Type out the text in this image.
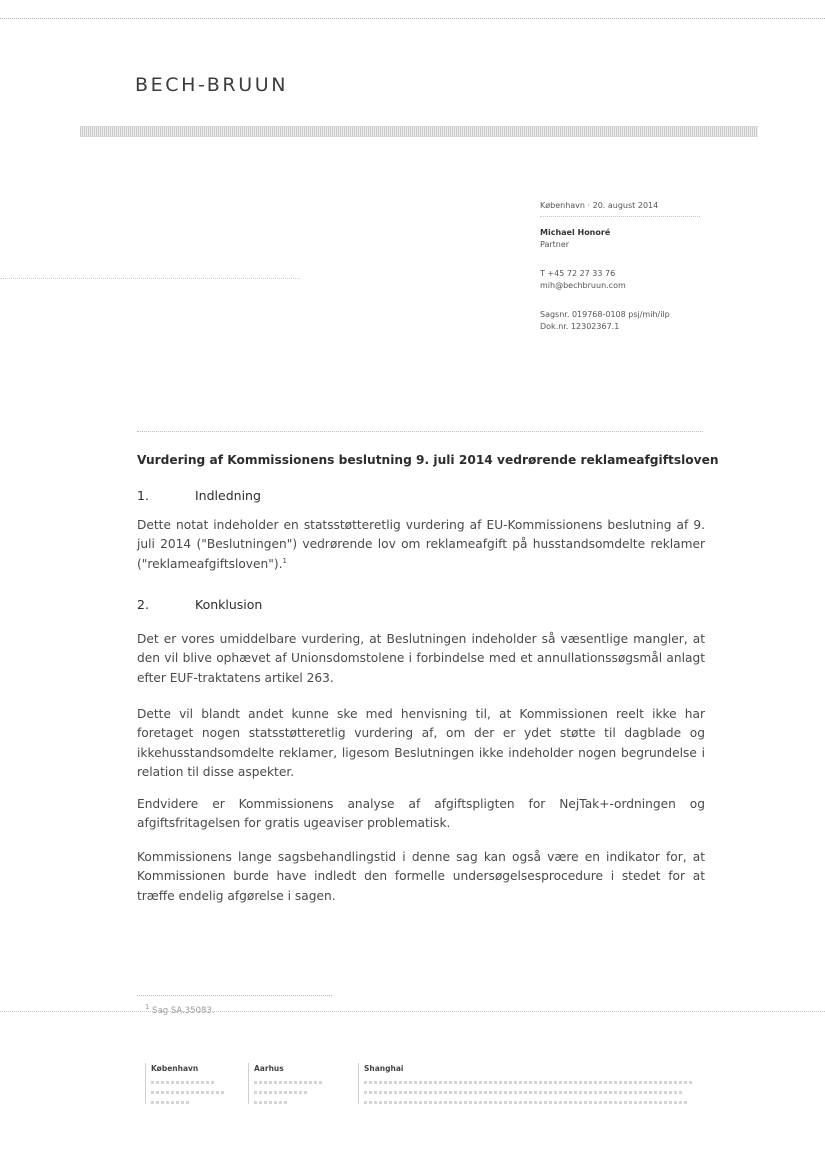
BECH-BRUUN
København · 20. august 2014
Michael Honoré
Partner
T +45 72 27 33 76
mih@bechbruun.com
Sagsnr. 019768-0108 psj/mih/ilp
Dok.nr. 12302367.1
Vurdering af Kommissionens beslutning 9. juli 2014 vedrørende reklameafgiftsloven
1.	Indledning
Dette notat indeholder en statsstøtteretlig vurdering af EU-Kommissionens beslutning af 9. juli 2014 ("Beslutningen") vedrørende lov om reklameafgift på husstandsomdelte reklamer ("reklameafgiftsloven").$^1$
2.	Konklusion
Det er vores umiddelbare vurdering, at Beslutningen indeholder så væsentlige mangler, at den vil blive ophævet af Unionsdomstolene i forbindelse med et annullationssøgsmål anlagt efter EUF-traktatens artikel 263.
Dette vil blandt andet kunne ske med henvisning til, at Kommissionen reelt ikke har foretaget nogen statsstøtteretlig vurdering af, om der er ydet støtte til dagblade og ikkehusstandsomdelte reklamer, ligesom Beslutningen ikke indeholder nogen begrundelse i relation til disse aspekter.
Endvidere er Kommissionens analyse af afgiftspligten for NejTak+-ordningen og afgiftsfritagelsen for gratis ugeaviser problematisk.
Kommissionens lange sagsbehandlingstid i denne sag kan også være en indikator for, at Kommissionen burde have indledt den formelle undersøgelsesprocedure i stedet for at træffe endelig afgørelse i sagen.
$^1$ Sag SA.35083.
København	Aarhus	Shanghai
